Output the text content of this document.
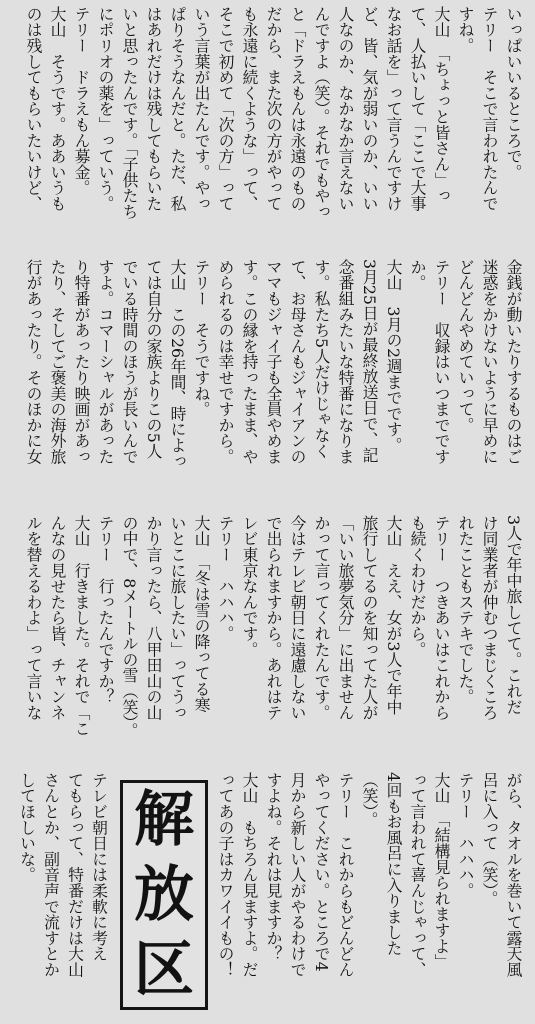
いっぱいいるところで。
テリー　そこで言われたんで
すね。
大山　「ちょっと皆さん」っ
て、人払いして「ここで大事
なお話を」って言うんですけ
ど、皆、気が弱いのか、いい
人なのか、なかなか言えない
んですよ（笑）。それでもやっ
と「ドラえもんは永遠のもの
だから、また次の方がやって
も永遠に続くような」って、
そこで初めて「次の方」って
いう言葉が出たんです。やっ
ぱりそうなんだと。ただ、私
はあれだけは残してもらいた
いと思ったんです。「子供たち
にポリオの薬を」っていう。
テリー　ドラえもん募金。
大山　そうです。ああいうも
のは残してもらいたいけど、
金銭が動いたりするものはご
迷惑をかけないように早めに
どんどんやめていって。
テリー　収録はいつまでです
か。
大山　3月の2週までです。
3月25日が最終放送日で、記
念番組みたいな特番になりま
す。私たち5人だけじゃなく
て、お母さんもジャイアンの
ママもジャイ子も全員やめま
す。この縁を持ったまま、や
められるのは幸せですから。
テリー　そうですね。
大山　この26年間、時によっ
ては自分の家族よりこの5人
でいる時間のほうが長いんで
すよ。コマーシャルがあった
り特番があったり映画があっ
たり、そしてご褒美の海外旅
行があったり。そのほかに女
3人で年中旅してて。これだ
け同業者が仲むつまじくころ
れたこともステキでした。
テリー　つきあいはこれから
も続くわけだから。
大山　ええ、女が3人で年中
旅行してるのを知ってた人が
「いい旅夢気分」に出ません
かって言ってくれたんです。
今はテレビ朝日に遠慮しない
で出られますから。あれはテ
レビ東京なんです。
テリー　ハハハ。
大山　「冬は雪の降ってる寒
いとこに旅したい」ってうっ
かり言ったら、八甲田山の山
の中で、8メートルの雪（笑）。
テリー　行ったんですか？
大山　行きました。それで「こ
んなの見せたら皆、チャンネ
ルを替えるわよ」って言いな
がら、タオルを巻いて露天風
呂に入って（笑）。
テリー　ハハハ。
大山　「結構見られますよ」
って言われて喜んじゃって、
4回もお風呂に入りました
（笑）。
テリー　これからもどんどん
やってください。ところで4
月から新しい人がやるわけで
すよね。それは見ますか？
大山　もちろん見ますよ。だ
ってあの子はカワイイもの！
解
放
区
テレビ朝日には柔軟に考え
てもらって、特番だけは大山
さんとか、副音声で流すとか
してほしいな。
